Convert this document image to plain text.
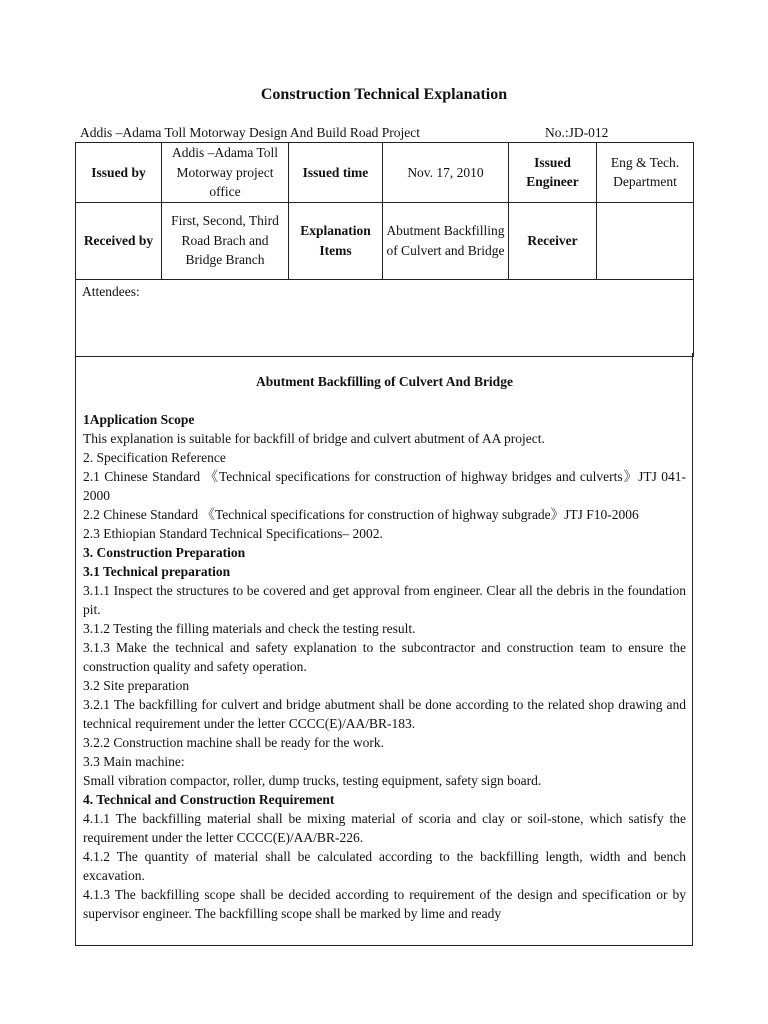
Construction Technical Explanation
Addis –Adama Toll Motorway Design And Build Road Project	No.:JD-012
Issued by	Addis –Adama Toll Motorway project office	Issued time	Nov. 17, 2010	Issued Engineer	Eng & Tech. Department
Received by	First, Second, Third Road Brach and Bridge Branch	Explanation Items	Abutment Backfilling of Culvert and Bridge	Receiver	
Attendees:					

Abutment Backfilling of Culvert And Bridge

1Application Scope

This explanation is suitable for backfill of bridge and culvert abutment of AA project.

2. Specification Reference

2.1 Chinese Standard 《Technical specifications for construction of highway bridges and culverts》JTJ 041-2000

2.2 Chinese Standard 《Technical specifications for construction of highway subgrade》JTJ F10-2006

2.3 Ethiopian Standard Technical Specifications– 2002.

3. Construction Preparation

3.1 Technical preparation

3.1.1 Inspect the structures to be covered and get approval from engineer. Clear all the debris in the foundation pit.

3.1.2 Testing the filling materials and check the testing result.

3.1.3 Make the technical and safety explanation to the subcontractor and construction team to ensure the construction quality and safety operation.

3.2 Site preparation

3.2.1 The backfilling for culvert and bridge abutment shall be done according to the related shop drawing and technical requirement under the letter CCCC(E)/AA/BR-183.

3.2.2 Construction machine shall be ready for the work.

3.3 Main machine:

Small vibration compactor, roller, dump trucks, testing equipment, safety sign board.

4. Technical and Construction Requirement

4.1.1 The backfilling material shall be mixing material of scoria and clay or soil-stone, which satisfy the requirement under the letter CCCC(E)/AA/BR-226.

4.1.2 The quantity of material shall be calculated according to the backfilling length, width and bench excavation.

4.1.3 The backfilling scope shall be decided according to requirement of the design and specification or by supervisor engineer. The backfilling scope shall be marked by lime and ready
